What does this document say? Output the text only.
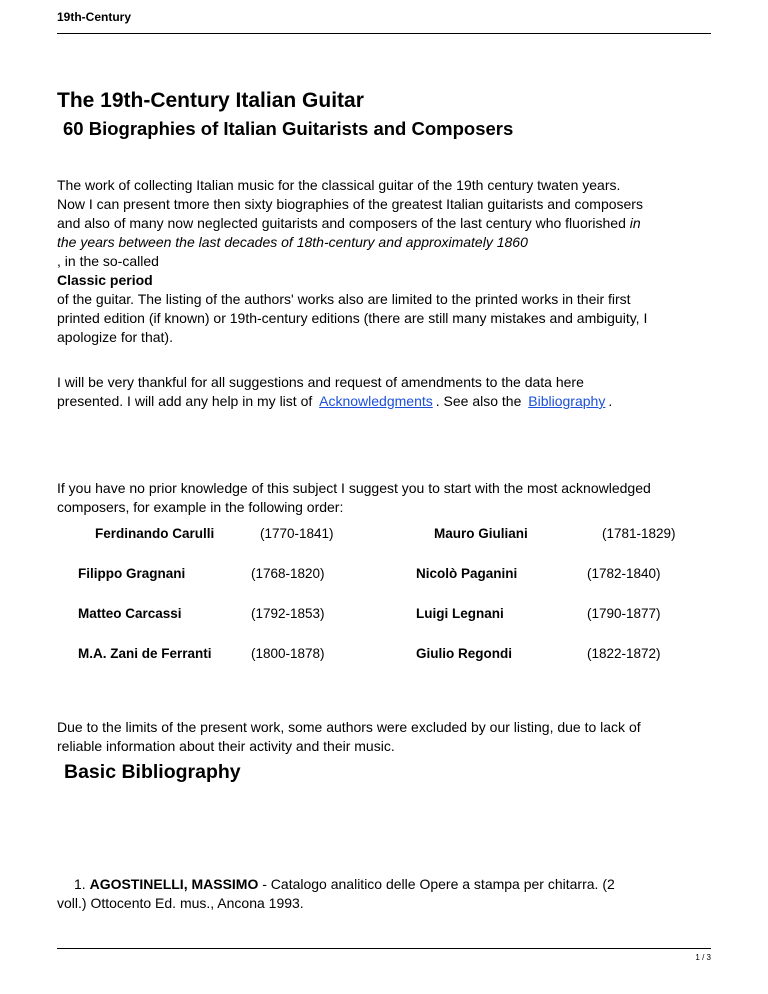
19th-Century
The 19th-Century Italian Guitar
60 Biographies of Italian Guitarists and Composers
The work of collecting Italian music for the classical guitar of the 19th century twaten years.
Now I can present tmore then sixty biographies of the greatest Italian guitarists and composers
and also of many now neglected guitarists and composers of the last century who fluorished in
the years between the last decades of 18th-century and approximately 1860
, in the so-called
Classic period
of the guitar. The listing of the authors' works also are limited to the printed works in their first
printed edition (if known) or 19th-century editions (there are still many mistakes and ambiguity, I
apologize for that).
I will be very thankful for all suggestions and request of amendments to the data here
presented. I will add any help in my list of Acknowledgments . See also the Bibliography .
If you have no prior knowledge of this subject I suggest you to start with the most acknowledged
composers, for example in the following order:
Ferdinando Carulli	(1770-1841)	Mauro Giuliani	(1781-1829)
Filippo Gragnani	(1768-1820)	Nicolò Paganini	(1782-1840)
Matteo Carcassi	(1792-1853)	Luigi Legnani	(1790-1877)
M.A. Zani de Ferranti	(1800-1878)	Giulio Regondi	(1822-1872)
Due to the limits of the present work, some authors were excluded by our listing, due to lack of
reliable information about their activity and their music.
Basic Bibliography
1. AGOSTINELLI, MASSIMO - Catalogo analitico delle Opere a stampa per chitarra. (2
voll.) Ottocento Ed. mus., Ancona 1993.
1 / 3
